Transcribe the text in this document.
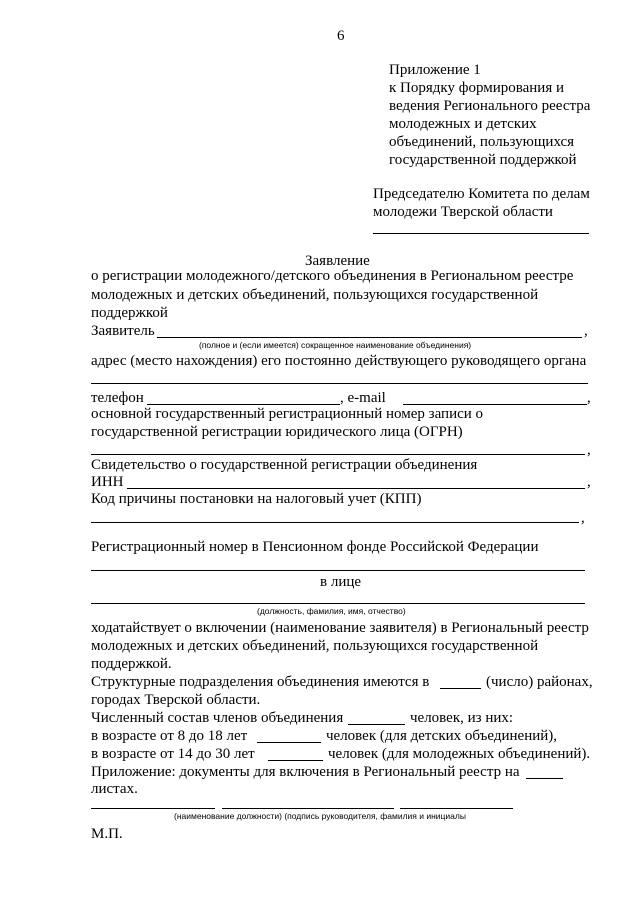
6
Приложение 1
к Порядку формирования и
ведения Регионального реестра
молодежных и детских
объединений, пользующихся
государственной поддержкой
Председателю Комитета по делам
молодежи Тверской области
Заявление
о регистрации молодежного/детского объединения в Региональном реестре
молодежных и детских объединений, пользующихся государственной
поддержкой
Заявитель	,
(полное и (если имеется) сокращенное наименование объединения)
адрес (место нахождения) его постоянно действующего руководящего органа
телефон	, e-mail	,
основной государственный регистрационный номер записи о
государственной регистрации юридического лица (ОГРН)
,
Свидетельство о государственной регистрации объединения
ИНН	,
Код причины постановки на налоговый учет (КПП)
,
Регистрационный номер в Пенсионном фонде Российской Федерации
в лице
(должность, фамилия, имя, отчество)
ходатайствует о включении (наименование заявителя) в Региональный реестр
молодежных и детских объединений, пользующихся государственной
поддержкой.
Структурные подразделения объединения имеются в	(число) районах,
городах Тверской области.
Численный состав членов объединения	человек, из них:
в возрасте от 8 до 18 лет	человек (для детских объединений),
в возрасте от 14 до 30 лет	человек (для молодежных объединений).
Приложение: документы для включения в Региональный реестр на
листах.
(наименование должности) (подпись руководителя, фамилия и инициалы
М.П.
